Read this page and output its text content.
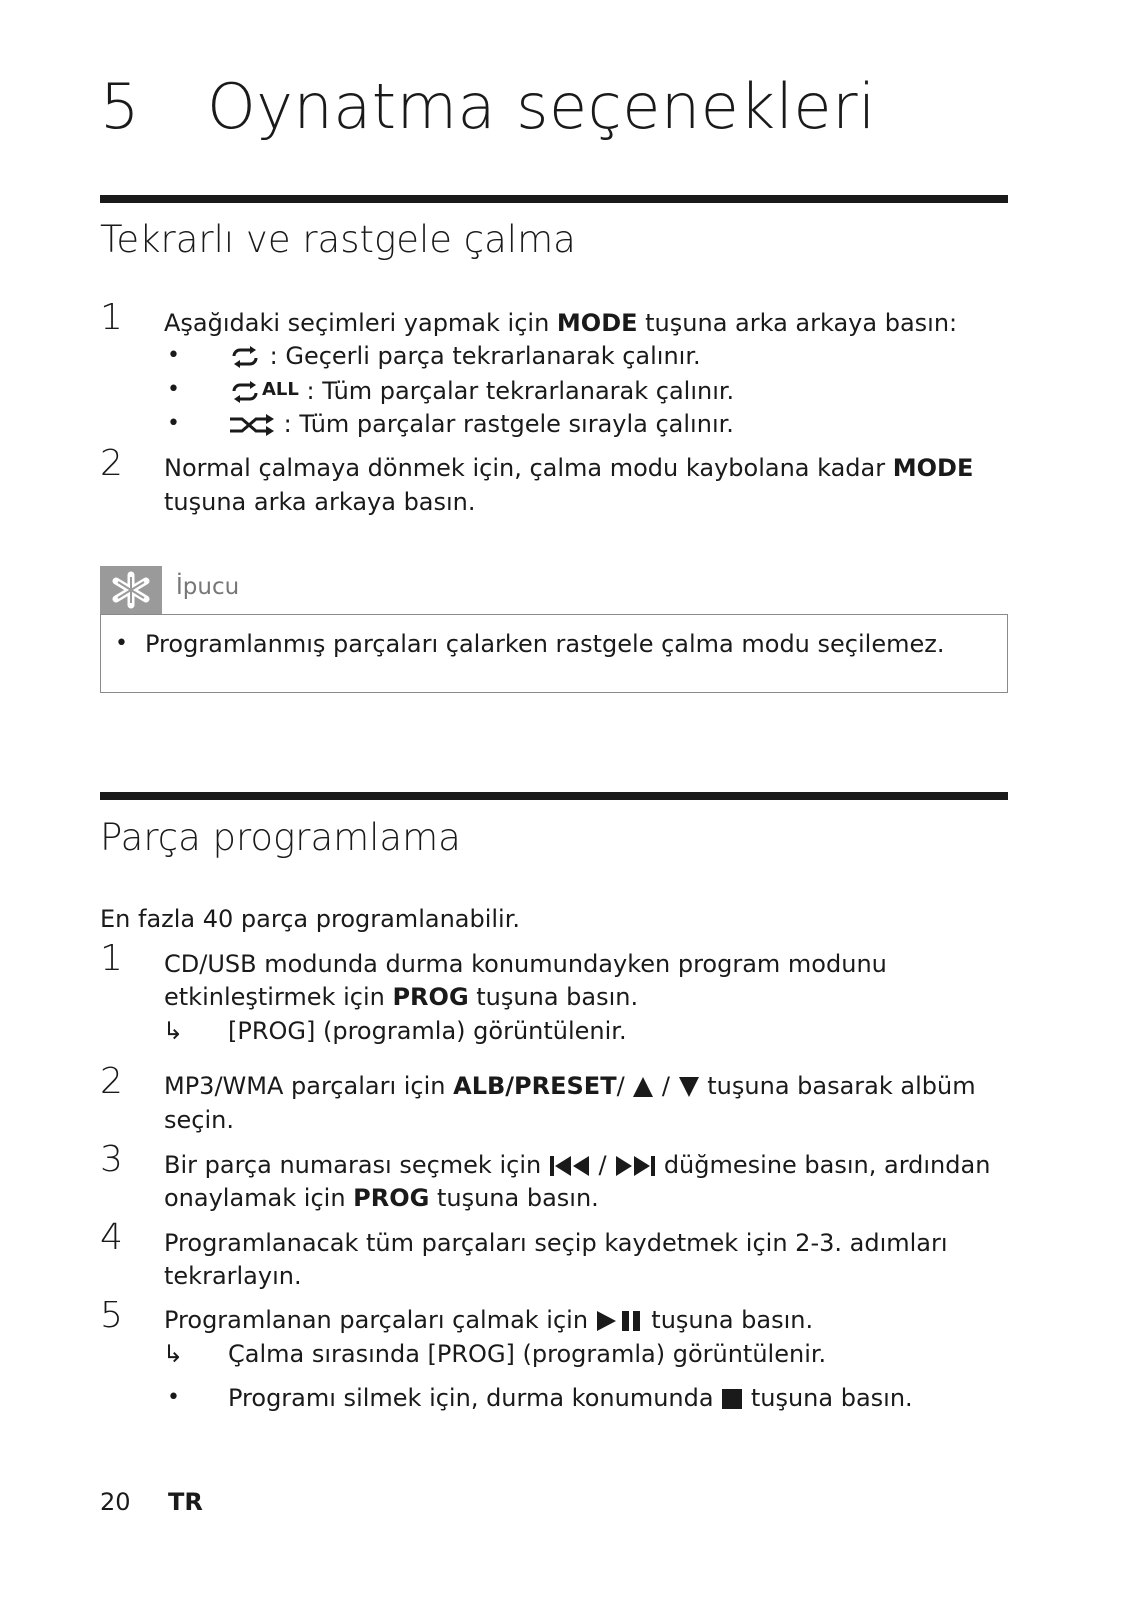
5 Oynatma seçenekleri
Tekrarlı ve rastgele çalma
1 Aşağıdaki seçimleri yapmak için MODE tuşuna arka arkaya basın:
•	: Geçerli parça tekrarlanarak çalınır.
•	ALL : Tüm parçalar tekrarlanarak çalınır.
•	: Tüm parçalar rastgele sırayla çalınır.
2 Normal çalmaya dönmek için, çalma modu kaybolana kadar MODE
tuşuna arka arkaya basın.
İpucu
• Programlanmış parçaları çalarken rastgele çalma modu seçilemez.
Parça programlama
En fazla 40 parça programlanabilir.
1 CD/USB modunda durma konumundayken program modunu
etkinleştirmek için PROG tuşuna basın.
↳ [PROG] (programla) görüntülenir.
2 MP3/WMA parçaları için ALB/PRESET/  /  tuşuna basarak albüm
seçin.
3 Bir parça numarası seçmek için  /  düğmesine basın, ardından
onaylamak için PROG tuşuna basın.
4 Programlanacak tüm parçaları seçip kaydetmek için 2-3. adımları
tekrarlayın.
5 Programlanan parçaları çalmak için  tuşuna basın.
↳ Çalma sırasında [PROG] (programla) görüntülenir.
• Programı silmek için, durma konumunda  tuşuna basın.
20 TR
